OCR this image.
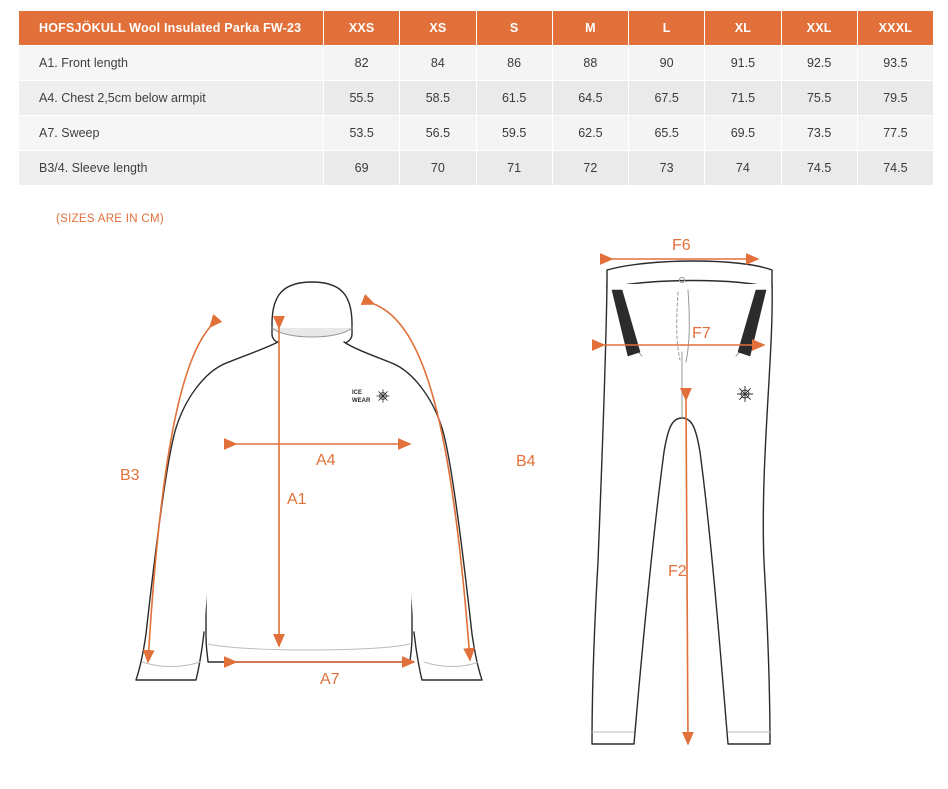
HOFSJÖKULL Wool Insulated Parka FW-23	XXS	XS	S	M	L	XL	XXL	XXXL
A1. Front length	82	84	86	88	90	91.5	92.5	93.5
A4. Chest 2,5cm below armpit	55.5	58.5	61.5	64.5	67.5	71.5	75.5	79.5
A7. Sweep	53.5	56.5	59.5	62.5	65.5	69.5	73.5	77.5
B3/4. Sleeve length	69	70	71	72	73	74	74.5	74.5
(SIZES ARE IN CM)
ICE
WEAR
B3
B4
A4
A1
A7
F6
F7
F2
